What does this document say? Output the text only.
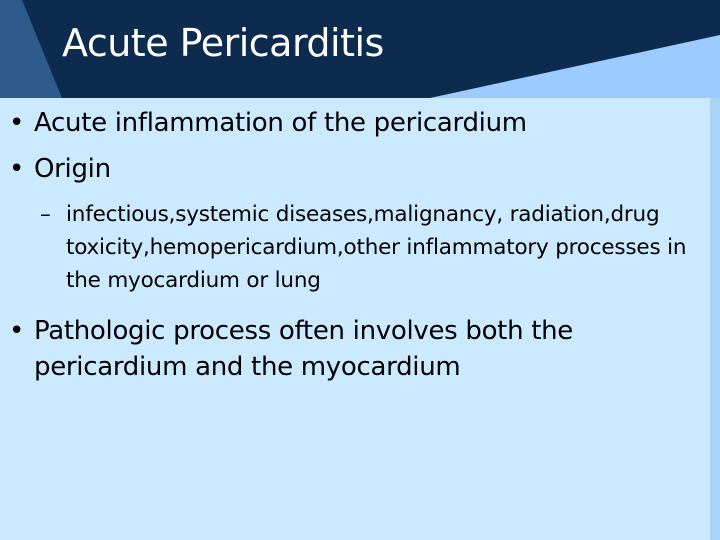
Acute Pericarditis
• Acute inflammation of the pericardium
• Origin
– infectious,systemic diseases,malignancy, radiation,drug toxicity,hemopericardium,other inflammatory processes in the myocardium or lung
• Pathologic process often involves both the pericardium and the myocardium
